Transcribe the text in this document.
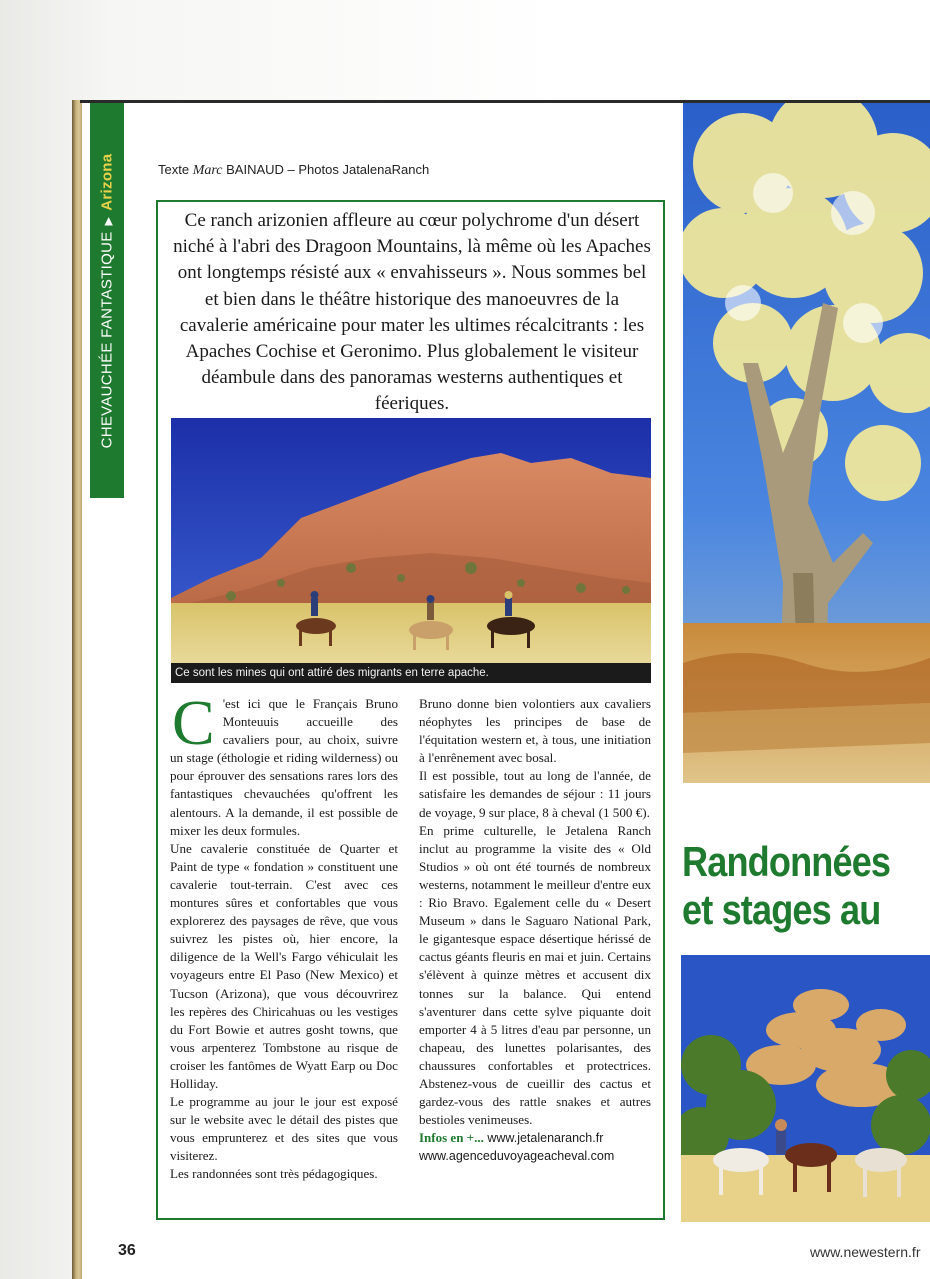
CHEVAUCHÉE FANTASTIQUE▶Arizona	Texte Marc BAINAUD – Photos JatalenaRanch
Ce ranch arizonien affleure au cœur polychrome d'un désert niché à l'abri des Dragoon Mountains, là même où les Apaches ont longtemps résisté aux « envahisseurs ». Nous sommes bel et bien dans le théâtre historique des manoeuvres de la cavalerie américaine pour mater les ultimes récalcitrants : les Apaches Cochise et Geronimo. Plus globalement le visiteur déambule dans des panoramas westerns authentiques et féeriques.
Ce sont les mines qui ont attiré des migrants en terre apache.

C 'est ici que le Français Bruno Monteuuis accueille des cavaliers pour, au choix, suivre un stage (éthologie et riding wilderness) ou pour éprouver des sensations rares lors des fantastiques chevauchées qu'offrent les alentours. A la demande, il est possible de mixer les deux formules.

Une cavalerie constituée de Quarter et Paint de type « fondation » constituent une cavalerie tout-terrain. C'est avec ces montures sûres et confortables que vous explorerez des paysages de rêve, que vous suivrez les pistes où, hier encore, la diligence de la Well's Fargo véhiculait les voyageurs entre El Paso (New Mexico) et Tucson (Arizona), que vous découvrirez les repères des Chiricahuas ou les vestiges du Fort Bowie et autres gosht towns, que vous arpenterez Tombstone au risque de croiser les fantômes de Wyatt Earp ou Doc Holliday.

Le programme au jour le jour est exposé sur le website avec le détail des pistes que vous emprunterez et des sites que vous visiterez.

Les randonnées sont très pédagogiques.

Bruno donne bien volontiers aux cavaliers néophytes les principes de base de l'équitation western et, à tous, une initiation à l'enrênement avec bosal.

Il est possible, tout au long de l'année, de satisfaire les demandes de séjour : 11 jours de voyage, 9 sur place, 8 à cheval (1 500 €).

En prime culturelle, le Jetalena Ranch inclut au programme la visite des « Old Studios » où ont été tournés de nombreux westerns, notamment le meilleur d'entre eux : Rio Bravo. Egalement celle du « Desert Museum » dans le Saguaro National Park, le gigantesque espace désertique hérissé de cactus géants fleuris en mai et juin. Certains s'élèvent à quinze mètres et accusent dix tonnes sur la balance. Qui entend s'aventurer dans cette sylve piquante doit emporter 4 à 5 litres d'eau par personne, un chapeau, des lunettes polarisantes, des chaussures confortables et protectrices. Abstenez-vous de cueillir des cactus et gardez-vous des rattle snakes et autres bestioles venimeuses.

Infos en +... www.jetalenaranch.fr
www.agenceduvoyageacheval.com

Randonnées
et stages au
36	www.newestern.fr
